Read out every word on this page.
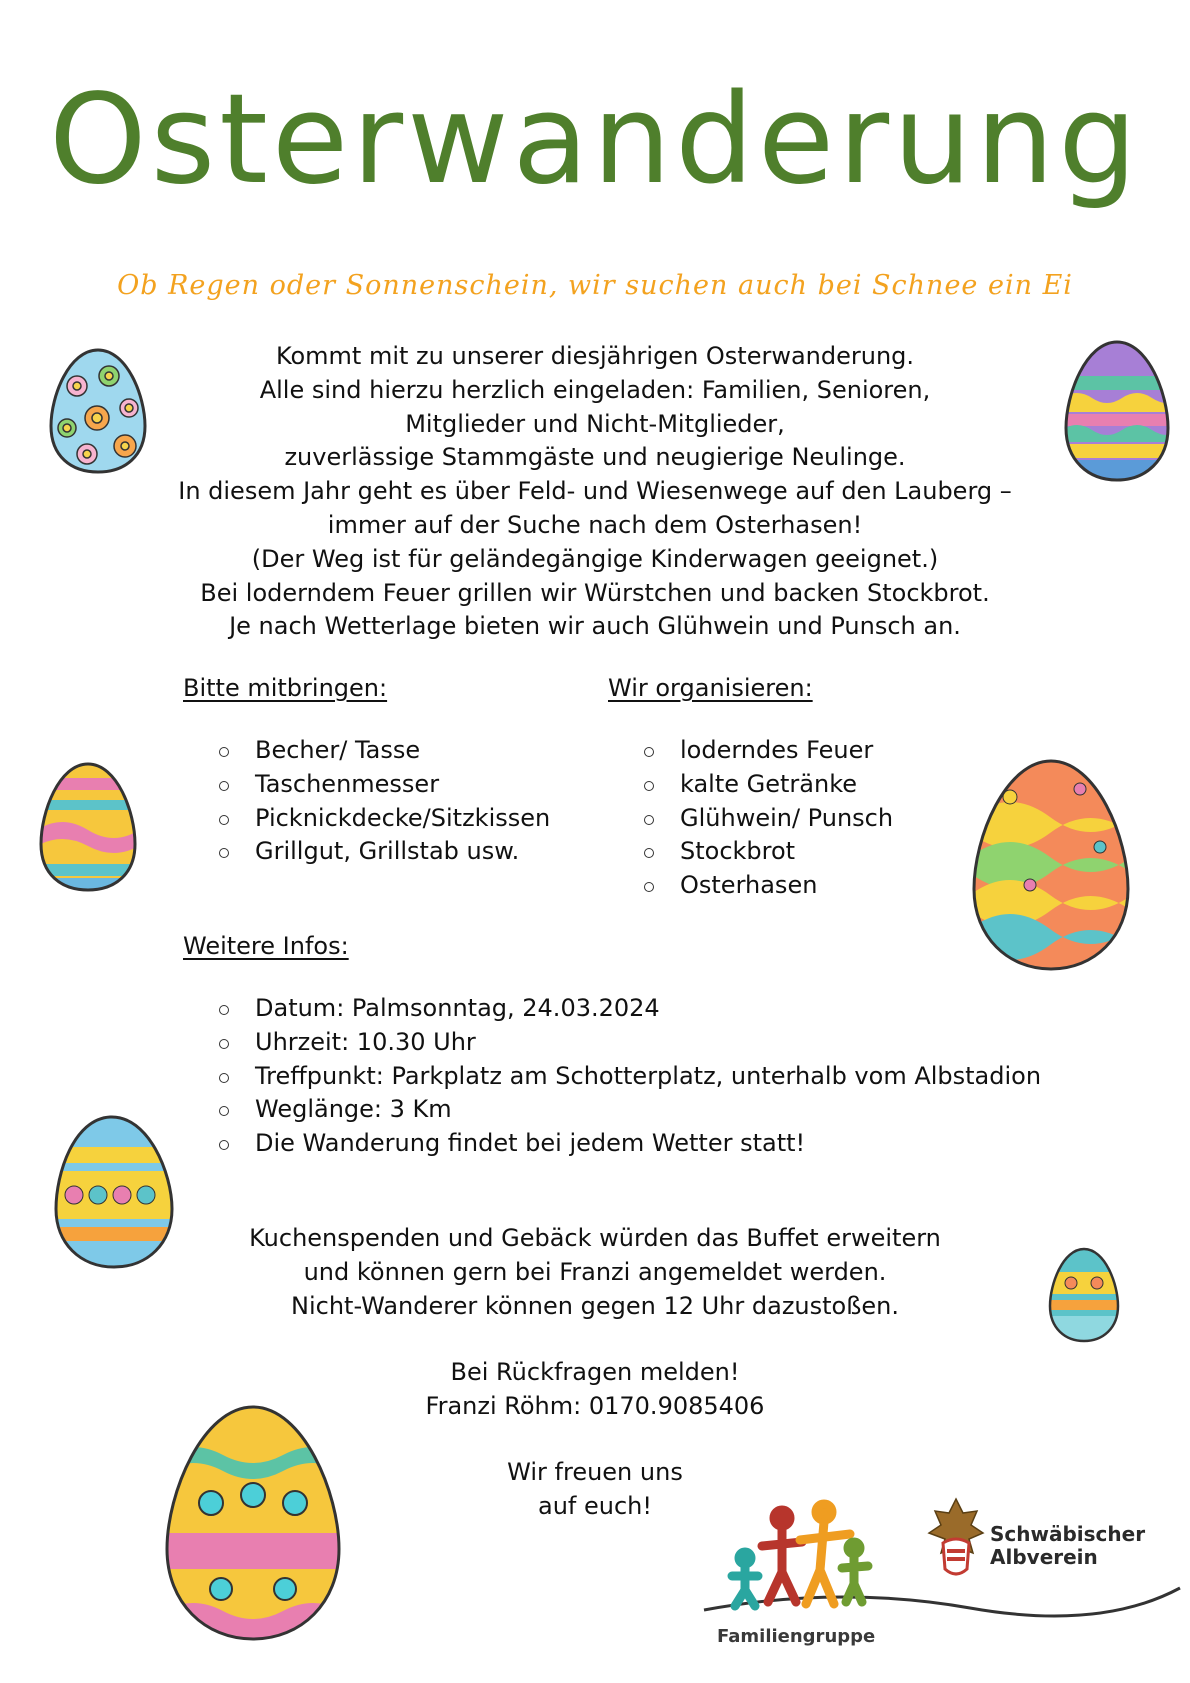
Osterwanderung
Ob Regen oder Sonnenschein, wir suchen auch bei Schnee ein Ei
Kommt mit zu unserer diesjährigen Osterwanderung.
Alle sind hierzu herzlich eingeladen: Familien, Senioren,
Mitglieder und Nicht-Mitglieder,
zuverlässige Stammgäste und neugierige Neulinge.
In diesem Jahr geht es über Feld- und Wiesenwege auf den Lauberg –
immer auf der Suche nach dem Osterhasen!
(Der Weg ist für geländegängige Kinderwagen geeignet.)
Bei loderndem Feuer grillen wir Würstchen und backen Stockbrot.
Je nach Wetterlage bieten wir auch Glühwein und Punsch an.
Bitte mitbringen:
Becher/ Tasse
Taschenmesser
Picknickdecke/Sitzkissen
Grillgut, Grillstab usw.
Wir organisieren:
loderndes Feuer
kalte Getränke
Glühwein/ Punsch
Stockbrot
Osterhasen
Weitere Infos:
Datum: Palmsonntag, 24.03.2024
Uhrzeit: 10.30 Uhr
Treffpunkt: Parkplatz am Schotterplatz, unterhalb vom Albstadion
Weglänge: 3 Km
Die Wanderung findet bei jedem Wetter statt!
Kuchenspenden und Gebäck würden das Buffet erweitern
und können gern bei Franzi angemeldet werden.
Nicht-Wanderer können gegen 12 Uhr dazustoßen.
Bei Rückfragen melden!
Franzi Röhm: 0170.9085406
Wir freuen uns
auf euch!
Familiengruppe
Schwäbischer
Albverein
